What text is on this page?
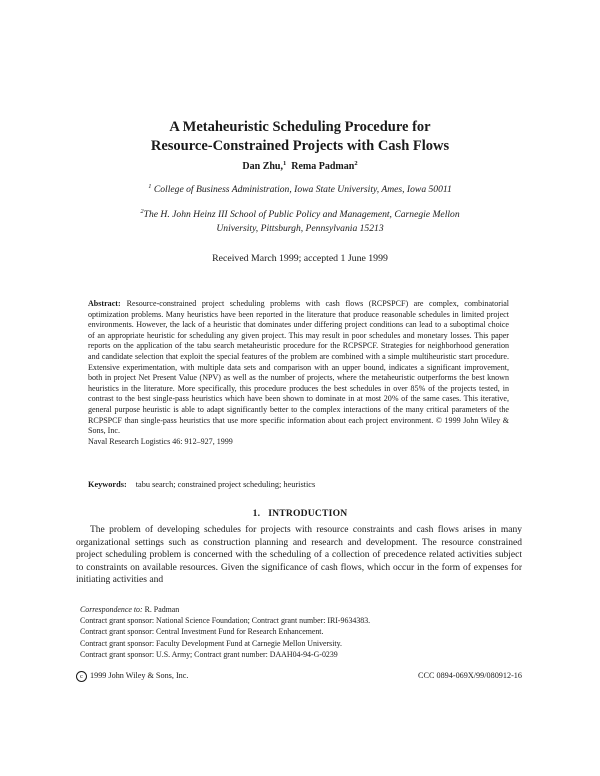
A Metaheuristic Scheduling Procedure for
Resource-Constrained Projects with Cash Flows
Dan Zhu,$^1$ Rema Padman$^2$
$^1$ College of Business Administration, Iowa State University, Ames, Iowa 50011
$^2$The H. John Heinz III School of Public Policy and Management, Carnegie Mellon
University, Pittsburgh, Pennsylvania 15213
Received March 1999; accepted 1 June 1999
Abstract: Resource-constrained project scheduling problems with cash flows (RCPSPCF) are complex, combinatorial optimization problems. Many heuristics have been reported in the literature that produce reasonable schedules in limited project environments. However, the lack of a heuristic that dominates under differing project conditions can lead to a suboptimal choice of an appropriate heuristic for scheduling any given project. This may result in poor schedules and monetary losses. This paper reports on the application of the tabu search metaheuristic procedure for the RCPSPCF. Strategies for neighborhood generation and candidate selection that exploit the special features of the problem are combined with a simple multiheuristic start procedure. Extensive experimentation, with multiple data sets and comparison with an upper bound, indicates a significant improvement, both in project Net Present Value (NPV) as well as the number of projects, where the metaheuristic outperforms the best known heuristics in the literature. More specifically, this procedure produces the best schedules in over 85% of the projects tested, in contrast to the best single-pass heuristics which have been shown to dominate in at most 20% of the same cases. This iterative, general purpose heuristic is able to adapt significantly better to the complex interactions of the many critical parameters of the RCPSPCF than single-pass heuristics that use more specific information about each project environment. © 1999 John Wiley & Sons, Inc.
Naval Research Logistics 46: 912–927, 1999
Keywords: tabu search; constrained project scheduling; heuristics
1. INTRODUCTION

The problem of developing schedules for projects with resource constraints and cash flows arises in many organizational settings such as construction planning and research and development. The resource constrained project scheduling problem is concerned with the scheduling of a collection of precedence related activities subject to constraints on available resources. Given the significance of cash flows, which occur in the form of expenses for initiating activities and

Correspondence to: R. Padman
Contract grant sponsor: National Science Foundation; Contract grant number: IRI-9634383.
Contract grant sponsor: Central Investment Fund for Research Enhancement.
Contract grant sponsor: Faculty Development Fund at Carnegie Mellon University.
Contract grant sponsor: U.S. Army; Contract grant number: DAAH04-94-G-0239
c 1999 John Wiley & Sons, Inc.	CCC 0894-069X/99/080912-16
